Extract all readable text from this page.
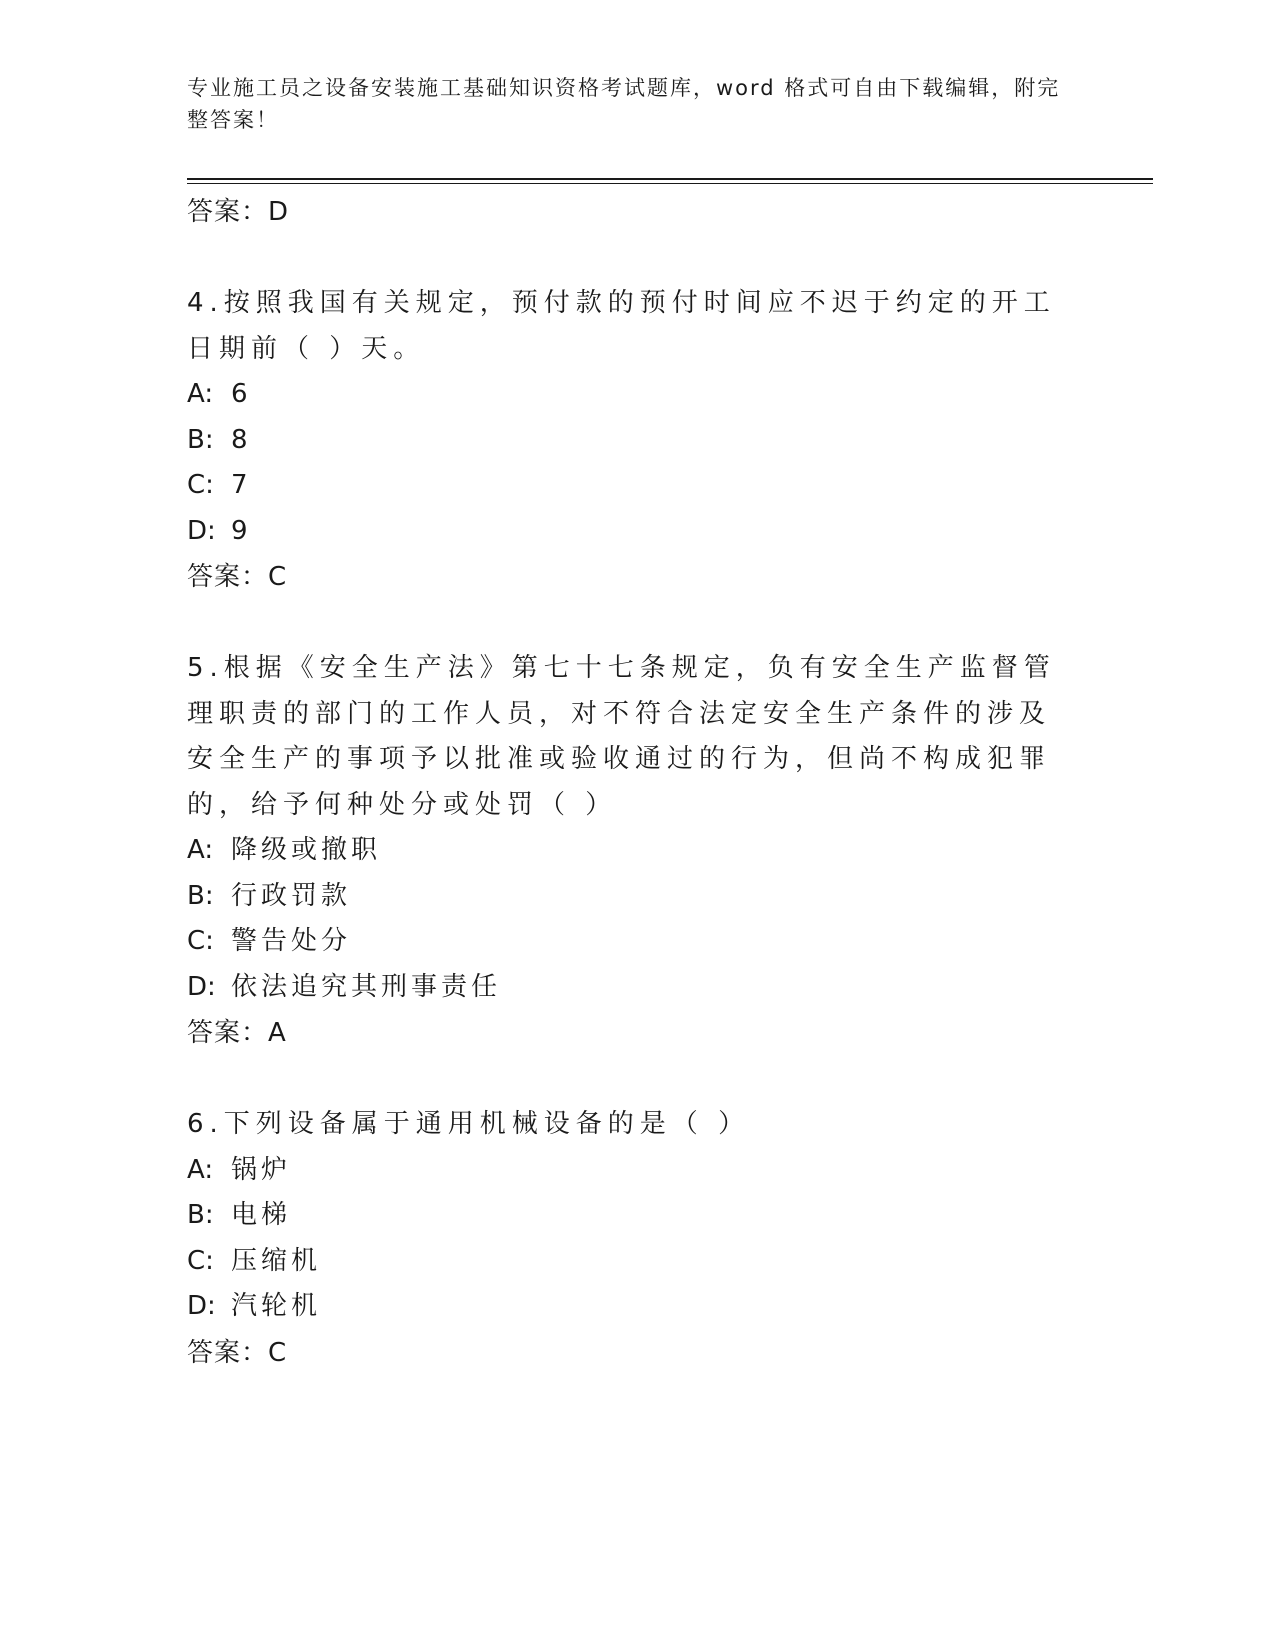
专业施工员之设备安装施工基础知识资格考试题库，word 格式可自由下载编辑，附完整答案！
答案：D
4.按照我国有关规定，预付款的预付时间应不迟于约定的开工日期前（ ）天。
A: 6
B: 8
C: 7
D: 9
答案：C
5.根据《安全生产法》第七十七条规定，负有安全生产监督管理职责的部门的工作人员，对不符合法定安全生产条件的涉及安全生产的事项予以批准或验收通过的行为，但尚不构成犯罪的，给予何种处分或处罚（ ）
A: 降级或撤职
B: 行政罚款
C: 警告处分
D: 依法追究其刑事责任
答案：A
6.下列设备属于通用机械设备的是（ ）
A: 锅炉
B: 电梯
C: 压缩机
D: 汽轮机
答案：C
